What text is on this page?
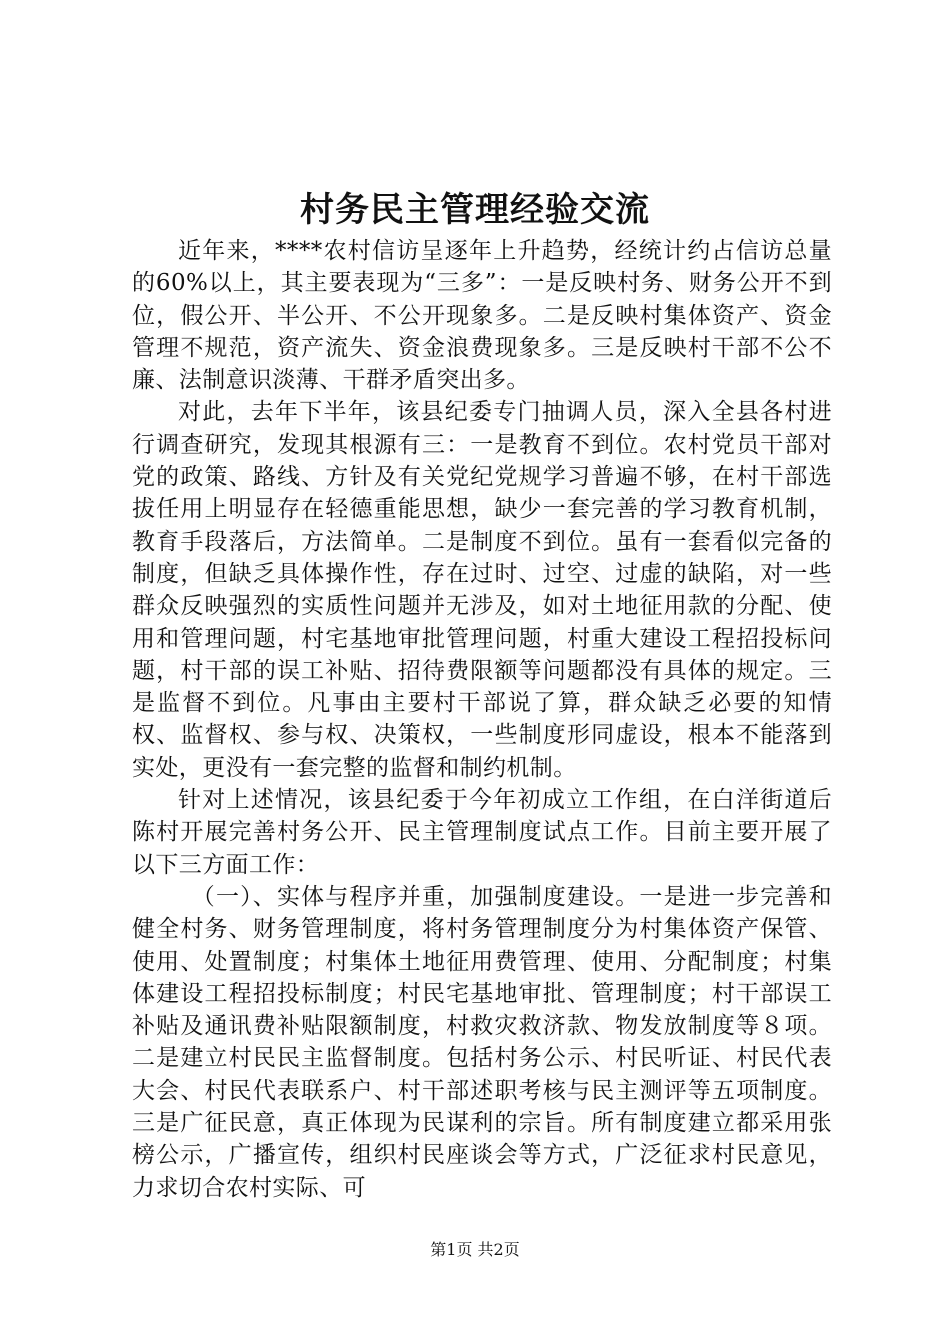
村务民主管理经验交流

近年来，****农村信访呈逐年上升趋势，经统计约占信访总量的60%以上，其主要表现为“三多”：一是反映村务、财务公开不到位，假公开、半公开、不公开现象多。二是反映村集体资产、资金管理不规范，资产流失、资金浪费现象多。三是反映村干部不公不廉、法制意识淡薄、干群矛盾突出多。

对此，去年下半年，该县纪委专门抽调人员，深入全县各村进行调查研究，发现其根源有三：一是教育不到位。农村党员干部对党的政策、路线、方针及有关党纪党规学习普遍不够，在村干部选拔任用上明显存在轻德重能思想，缺少一套完善的学习教育机制，教育手段落后，方法简单。二是制度不到位。虽有一套看似完备的制度，但缺乏具体操作性，存在过时、过空、过虚的缺陷，对一些群众反映强烈的实质性问题并无涉及，如对土地征用款的分配、使用和管理问题，村宅基地审批管理问题，村重大建设工程招投标问题，村干部的误工补贴、招待费限额等问题都没有具体的规定。三是监督不到位。凡事由主要村干部说了算，群众缺乏必要的知情权、监督权、参与权、决策权，一些制度形同虚设，根本不能落到实处，更没有一套完整的监督和制约机制。

针对上述情况，该县纪委于今年初成立工作组，在白洋街道后陈村开展完善村务公开、民主管理制度试点工作。目前主要开展了以下三方面工作：

（一）、实体与程序并重，加强制度建设。一是进一步完善和健全村务、财务管理制度，将村务管理制度分为村集体资产保管、使用、处置制度；村集体土地征用费管理、使用、分配制度；村集体建设工程招投标制度；村民宅基地审批、管理制度；村干部误工补贴及通讯费补贴限额制度，村救灾救济款、物发放制度等８项。二是建立村民民主监督制度。包括村务公示、村民听证、村民代表大会、村民代表联系户、村干部述职考核与民主测评等五项制度。三是广征民意，真正体现为民谋利的宗旨。所有制度建立都采用张榜公示，广播宣传，组织村民座谈会等方式，广泛征求村民意见，力求切合农村实际、可

第1页 共2页
